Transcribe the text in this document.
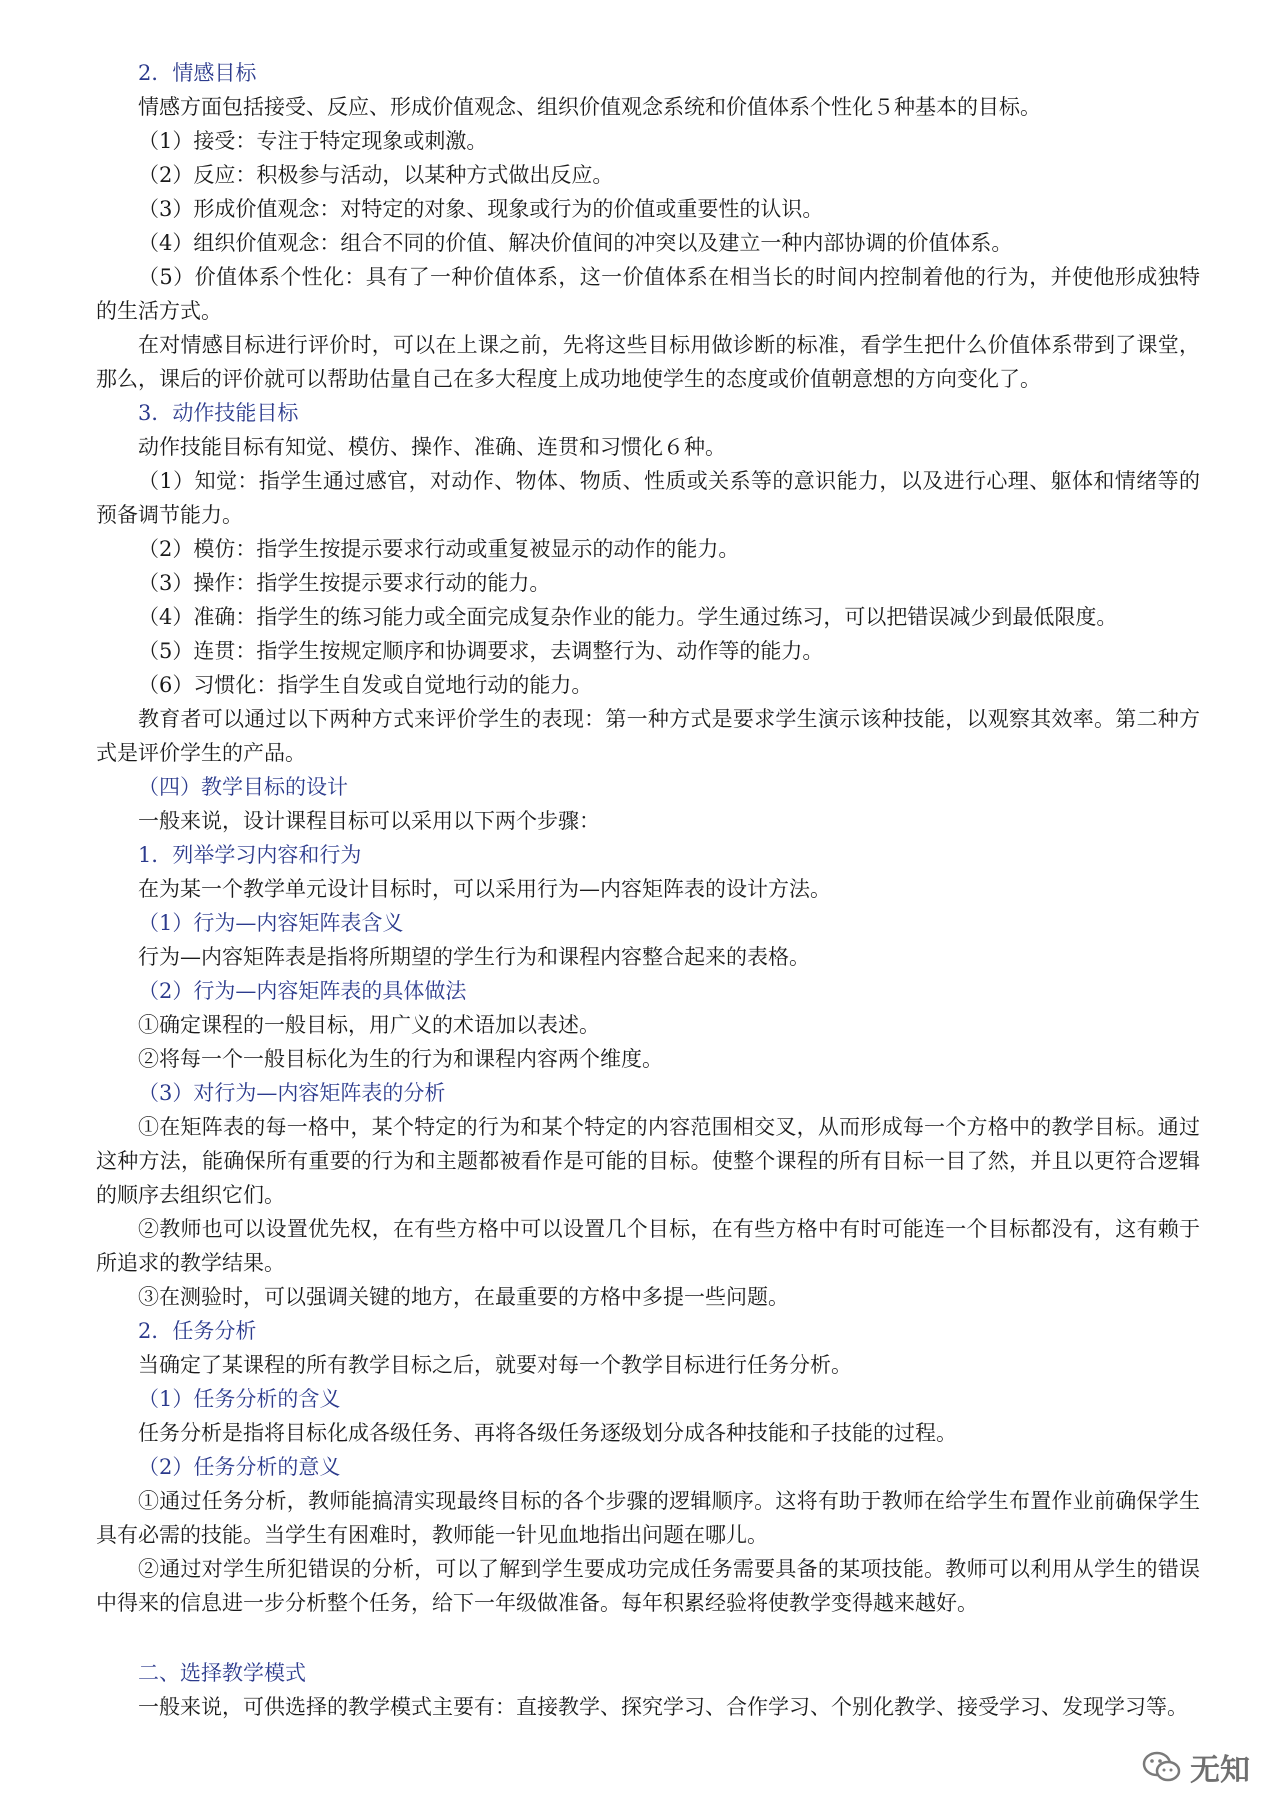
2．情感目标

情感方面包括接受、反应、形成价值观念、组织价值观念系统和价值体系个性化５种基本的目标。

（1）接受：专注于特定现象或刺激。

（2）反应：积极参与活动，以某种方式做出反应。

（3）形成价值观念：对特定的对象、现象或行为的价值或重要性的认识。

（4）组织价值观念：组合不同的价值、解决价值间的冲突以及建立一种内部协调的价值体系。

（5）价值体系个性化：具有了一种价值体系，这一价值体系在相当长的时间内控制着他的行为，并使他形成独特的生活方式。

在对情感目标进行评价时，可以在上课之前，先将这些目标用做诊断的标准，看学生把什么价值体系带到了课堂，那么，课后的评价就可以帮助估量自己在多大程度上成功地使学生的态度或价值朝意想的方向变化了。

3．动作技能目标

动作技能目标有知觉、模仿、操作、准确、连贯和习惯化６种。

（1）知觉：指学生通过感官，对动作、物体、物质、性质或关系等的意识能力，以及进行心理、躯体和情绪等的预备调节能力。

（2）模仿：指学生按提示要求行动或重复被显示的动作的能力。

（3）操作：指学生按提示要求行动的能力。

（4）准确：指学生的练习能力或全面完成复杂作业的能力。学生通过练习，可以把错误减少到最低限度。

（5）连贯：指学生按规定顺序和协调要求，去调整行为、动作等的能力。

（6）习惯化：指学生自发或自觉地行动的能力。

教育者可以通过以下两种方式来评价学生的表现：第一种方式是要求学生演示该种技能，以观察其效率。第二种方式是评价学生的产品。

（四）教学目标的设计

一般来说，设计课程目标可以采用以下两个步骤：

1．列举学习内容和行为

在为某一个教学单元设计目标时，可以采用行为—内容矩阵表的设计方法。

（1）行为—内容矩阵表含义

行为—内容矩阵表是指将所期望的学生行为和课程内容整合起来的表格。

（2）行为—内容矩阵表的具体做法

①确定课程的一般目标，用广义的术语加以表述。

②将每一个一般目标化为生的行为和课程内容两个维度。

（3）对行为—内容矩阵表的分析

①在矩阵表的每一格中，某个特定的行为和某个特定的内容范围相交叉，从而形成每一个方格中的教学目标。通过这种方法，能确保所有重要的行为和主题都被看作是可能的目标。使整个课程的所有目标一目了然，并且以更符合逻辑的顺序去组织它们。

②教师也可以设置优先权，在有些方格中可以设置几个目标，在有些方格中有时可能连一个目标都没有，这有赖于所追求的教学结果。

③在测验时，可以强调关键的地方，在最重要的方格中多提一些问题。

2．任务分析

当确定了某课程的所有教学目标之后，就要对每一个教学目标进行任务分析。

（1）任务分析的含义

任务分析是指将目标化成各级任务、再将各级任务逐级划分成各种技能和子技能的过程。

（2）任务分析的意义

①通过任务分析，教师能搞清实现最终目标的各个步骤的逻辑顺序。这将有助于教师在给学生布置作业前确保学生具有必需的技能。当学生有困难时，教师能一针见血地指出问题在哪儿。

②通过对学生所犯错误的分析，可以了解到学生要成功完成任务需要具备的某项技能。教师可以利用从学生的错误中得来的信息进一步分析整个任务，给下一年级做准备。每年积累经验将使教学变得越来越好。

二、选择教学模式

一般来说，可供选择的教学模式主要有：直接教学、探究学习、合作学习、个别化教学、接受学习、发现学习等。

无知
